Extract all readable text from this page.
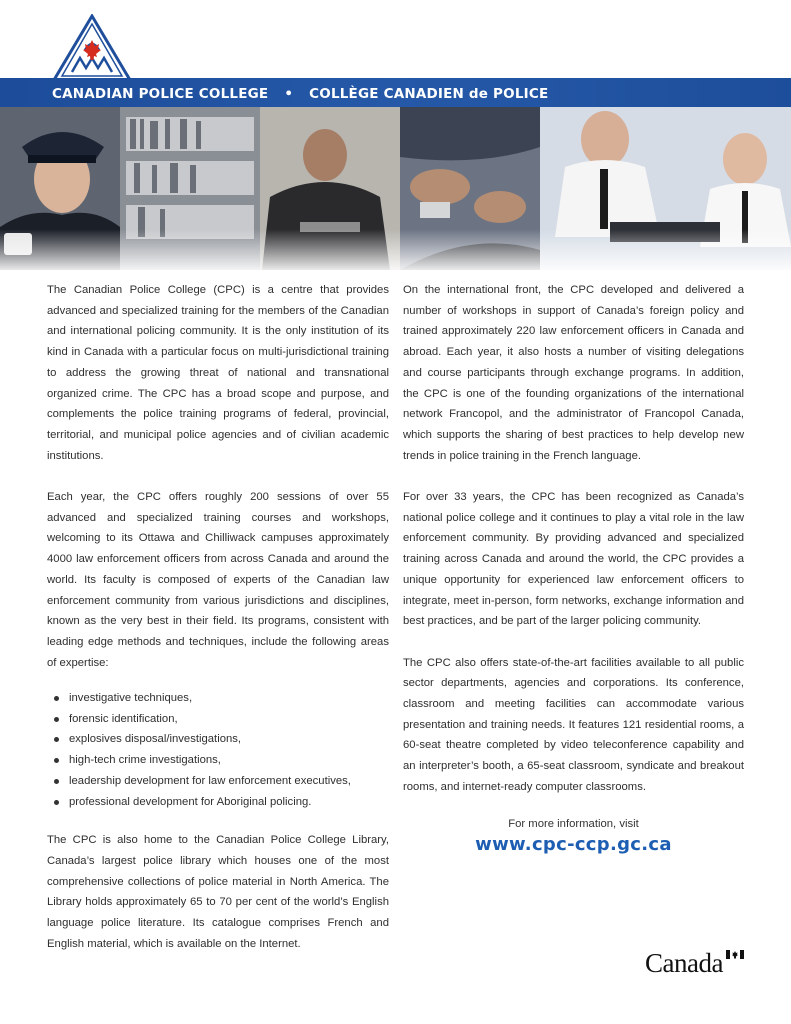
CANADIAN POLICE COLLEGE • COLLÈGE CANADIEN de POLICE

The Canadian Police College (CPC) is a centre that provides advanced and specialized training for the members of the Canadian and international policing community. It is the only institution of its kind in Canada with a particular focus on multi-jurisdictional training to address the growing threat of national and transnational organized crime. The CPC has a broad scope and purpose, and complements the police training programs of federal, provincial, territorial, and municipal police agencies and of civilian academic institutions.

Each year, the CPC offers roughly 200 sessions of over 55 advanced and specialized training courses and workshops, welcoming to its Ottawa and Chilliwack campuses approximately 4000 law enforcement officers from across Canada and around the world. Its faculty is composed of experts of the Canadian law enforcement community from various jurisdictions and disciplines, known as the very best in their field. Its programs, consistent with leading edge methods and techniques, include the following areas of expertise:

investigative techniques,
forensic identification,
explosives disposal/investigations,
high-tech crime investigations,
leadership development for law enforcement executives,
professional development for Aboriginal policing.

The CPC is also home to the Canadian Police College Library, Canada’s largest police library which houses one of the most comprehensive collections of police material in North America. The Library holds approximately 65 to 70 per cent of the world’s English language police literature. Its catalogue comprises French and English material, which is available on the Internet.

On the international front, the CPC developed and delivered a number of workshops in support of Canada’s foreign policy and trained approximately 220 law enforcement officers in Canada and abroad. Each year, it also hosts a number of visiting delegations and course participants through exchange programs. In addition, the CPC is one of the founding organizations of the international network Francopol, and the administrator of Francopol Canada, which supports the sharing of best practices to help develop new trends in police training in the French language.

For over 33 years, the CPC has been recognized as Canada’s national police college and it continues to play a vital role in the law enforcement community. By providing advanced and specialized training across Canada and around the world, the CPC provides a unique opportunity for experienced law enforcement officers to integrate, meet in-person, form networks, exchange information and best practices, and be part of the larger policing community.

The CPC also offers state-of-the-art facilities available to all public sector departments, agencies and corporations. Its conference, classroom and meeting facilities can accommodate various presentation and training needs. It features 121 residential rooms, a 60-seat theatre completed by video teleconference capability and an interpreter’s booth, a 65-seat classroom, syndicate and breakout rooms, and internet-ready computer classrooms.

For more information, visit
www.cpc-ccp.gc.ca
Canada
